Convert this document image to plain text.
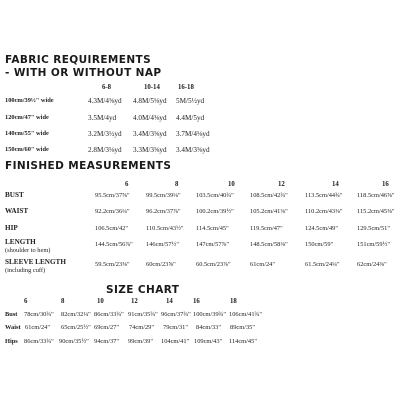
FABRIC REQUIREMENTS
- WITH OR WITHOUT NAP
6-8	10-14	16-18
100cm/39½" wide	4.3M/4⅝yd 4.8M/5⅛yd 5M/5½yd
120cm/47" wide	3.5M/4yd 4.0M/4⅜yd 4.4M/5yd
140cm/55" wide	3.2M/3½yd 3.4M/3⅝yd 3.7M/4⅛yd
150cm/60" wide	2.8M/3⅛yd 3.3M/3⅝yd 3.4M/3⅝yd
FINISHED MEASUREMENTS
6	8	10	12	14	16
BUST	95.5cm/37⅝"	99.5cm/39⅛" 103.5cm/40¾"	108.5cm/42¾"	113.5cm/44¾" 118.5cm/46⅝"
WAIST	92.2cm/36¼"	96.2cm/37⅞" 100.2cm/39½"	105.2cm/41⅜"	110.2cm/43⅜" 115.2cm/45⅜"
HIP	106.5cm/42"	110.5cm/43½" 114.5cm/45"	119.5cm/47"	124.5cm/49"	129.5cm/51"
LENGTH
(shoulder to hem)
144.5cm/56⅞" 146cm/57½"	147cm/57⅞"	148.5cm/58⅜"	150cm/59"	151cm/59½"
SLEEVE LENGTH
(including cuff)
59.5cm/23⅜"	60cm/23⅝"	60.5cm/23⅞"	61cm/24"	61.5cm/24¼"	62cm/24⅜"
SIZE CHART
6	8	10	12	14	16	18
Bust 78cm/30¾" 82cm/32¼" 86cm/33¾" 91cm/35¾" 96cm/37¾" 100cm/39¾" 106cm/41¾"
Waist 61cm/24" 65cm/25½" 69cm/27" 74cm/29" 79cm/31" 84cm/33" 89cm/35"
Hips 86cm/33¾" 90cm/35½" 94cm/37" 99cm/39" 104cm/41" 109cm/43" 114cm/45"
